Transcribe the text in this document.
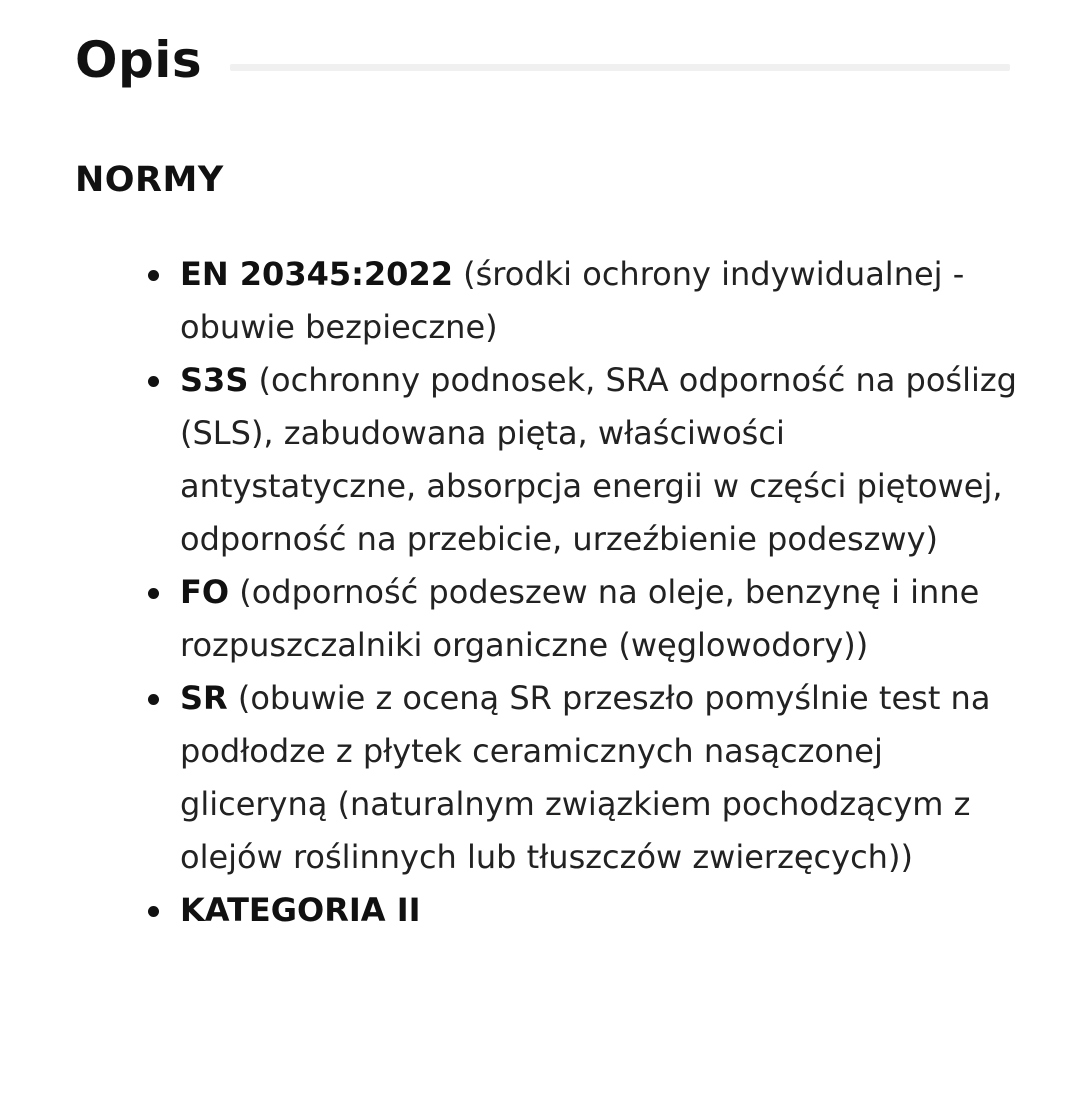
Opis
NORMY
EN 20345:2022 (środki ochrony indywidualnej - obuwie bezpieczne)
S3S (ochronny podnosek, SRA odporność na poślizg (SLS), zabudowana pięta, właściwości antystatyczne, absorpcja energii w części piętowej, odporność na przebicie, urzeźbienie podeszwy)
FO (odporność podeszew na oleje, benzynę i inne rozpuszczalniki organiczne (węglowodory))
SR (obuwie z oceną SR przeszło pomyślnie test na podłodze z płytek ceramicznych nasączonej gliceryną (naturalnym związkiem pochodzącym z olejów roślinnych lub tłuszczów zwierzęcych))
KATEGORIA II
